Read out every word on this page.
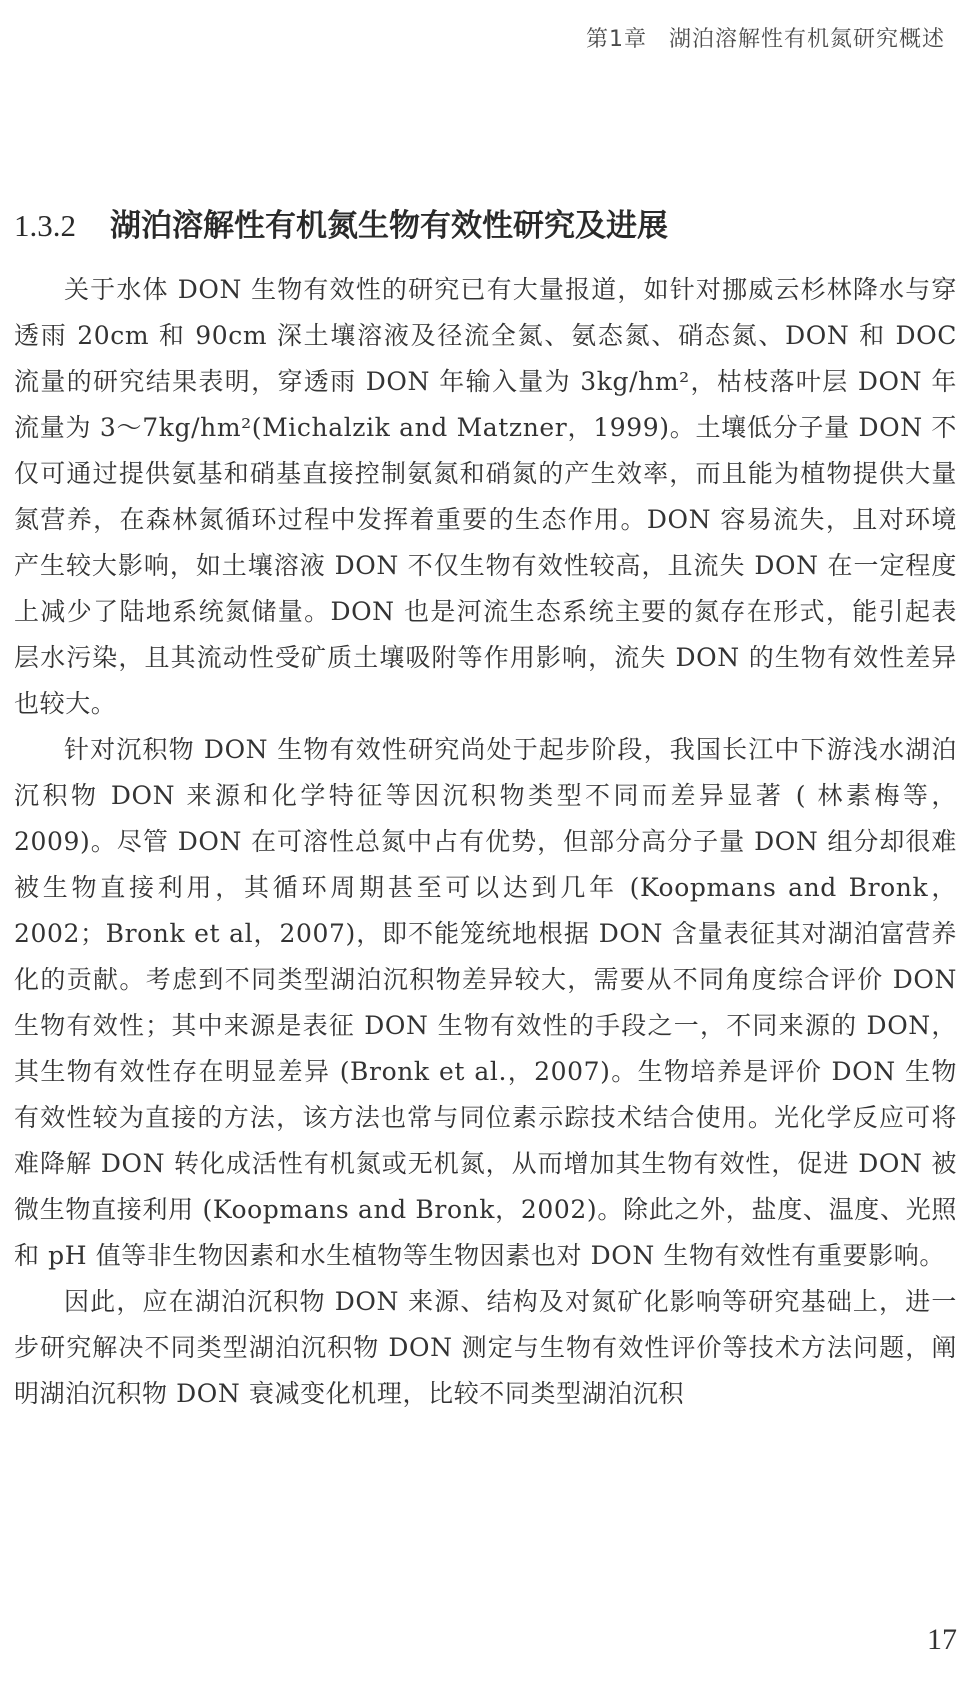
第1章 湖泊溶解性有机氮研究概述
1.3.2 湖泊溶解性有机氮生物有效性研究及进展

关于水体 DON 生物有效性的研究已有大量报道，如针对挪威云杉林降水与穿透雨 20cm 和 90cm 深土壤溶液及径流全氮、氨态氮、硝态氮、DON 和 DOC 流量的研究结果表明，穿透雨 DON 年输入量为 3kg/hm²，枯枝落叶层 DON 年流量为 3～7kg/hm²(Michalzik and Matzner，1999)。土壤低分子量 DON 不仅可通过提供氨基和硝基直接控制氨氮和硝氮的产生效率，而且能为植物提供大量氮营养，在森林氮循环过程中发挥着重要的生态作用。DON 容易流失，且对环境产生较大影响，如土壤溶液 DON 不仅生物有效性较高，且流失 DON 在一定程度上减少了陆地系统氮储量。DON 也是河流生态系统主要的氮存在形式，能引起表层水污染，且其流动性受矿质土壤吸附等作用影响，流失 DON 的生物有效性差异也较大。

针对沉积物 DON 生物有效性研究尚处于起步阶段，我国长江中下游浅水湖泊沉积物 DON 来源和化学特征等因沉积物类型不同而差异显著 ( 林素梅等，2009)。尽管 DON 在可溶性总氮中占有优势，但部分高分子量 DON 组分却很难被生物直接利用，其循环周期甚至可以达到几年 (Koopmans and Bronk，2002；Bronk et al，2007)，即不能笼统地根据 DON 含量表征其对湖泊富营养化的贡献。考虑到不同类型湖泊沉积物差异较大，需要从不同角度综合评价 DON 生物有效性；其中来源是表征 DON 生物有效性的手段之一，不同来源的 DON，其生物有效性存在明显差异 (Bronk et al.，2007)。生物培养是评价 DON 生物有效性较为直接的方法，该方法也常与同位素示踪技术结合使用。光化学反应可将难降解 DON 转化成活性有机氮或无机氮，从而增加其生物有效性，促进 DON 被微生物直接利用 (Koopmans and Bronk，2002)。除此之外，盐度、温度、光照和 pH 值等非生物因素和水生植物等生物因素也对 DON 生物有效性有重要影响。

因此，应在湖泊沉积物 DON 来源、结构及对氮矿化影响等研究基础上，进一步研究解决不同类型湖泊沉积物 DON 测定与生物有效性评价等技术方法问题，阐明湖泊沉积物 DON 衰减变化机理，比较不同类型湖泊沉积

17
